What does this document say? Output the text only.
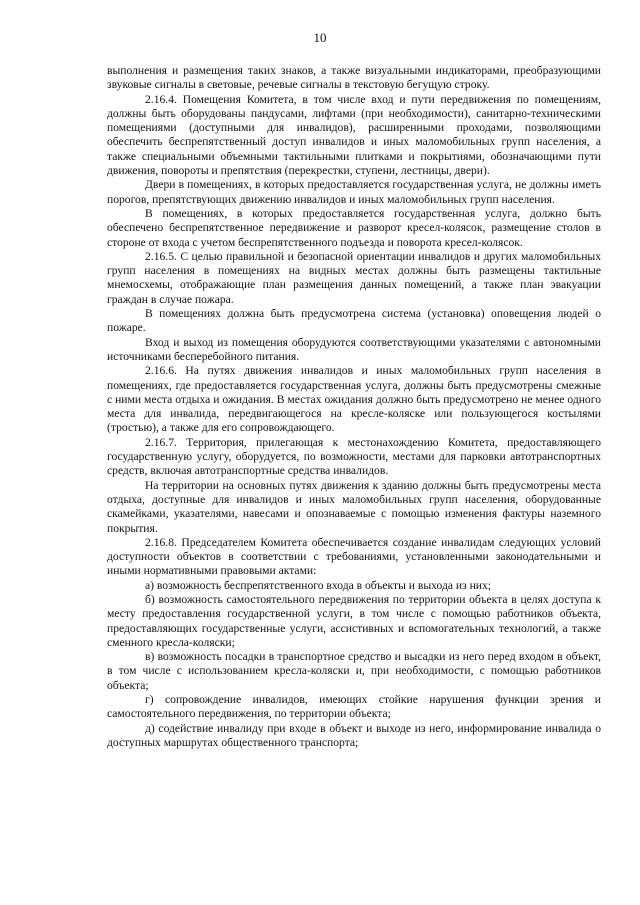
10

выполнения и размещения таких знаков, а также визуальными индикаторами, преобразующими звуковые сигналы в световые, речевые сигналы в текстовую бегущую строку.

2.16.4. Помещения Комитета, в том числе вход и пути передвижения по помещениям, должны быть оборудованы пандусами, лифтами (при необходимости), санитарно-техническими помещениями (доступными для инвалидов), расширенными проходами, позволяющими обеспечить беспрепятственный доступ инвалидов и иных маломобильных групп населения, а также специальными объемными тактильными плитками и покрытиями, обозначающими пути движения, повороты и препятствия (перекрестки, ступени, лестницы, двери).

Двери в помещениях, в которых предоставляется государственная услуга, не должны иметь порогов, препятствующих движению инвалидов и иных маломобильных групп населения.

В помещениях, в которых предоставляется государственная услуга, должно быть обеспечено беспрепятственное передвижение и разворот кресел-колясок, размещение столов в стороне от входа с учетом беспрепятственного подъезда и поворота кресел-колясок.

2.16.5. С целью правильной и безопасной ориентации инвалидов и других маломобильных групп населения в помещениях на видных местах должны быть размещены тактильные мнемосхемы, отображающие план размещения данных помещений, а также план эвакуации граждан в случае пожара.

В помещениях должна быть предусмотрена система (установка) оповещения людей о пожаре.

Вход и выход из помещения оборудуются соответствующими указателями с автономными источниками бесперебойного питания.

2.16.6. На путях движения инвалидов и иных маломобильных групп населения в помещениях, где предоставляется государственная услуга, должны быть предусмотрены смежные с ними места отдыха и ожидания. В местах ожидания должно быть предусмотрено не менее одного места для инвалида, передвигающегося на кресле-коляске или пользующегося костылями (тростью), а также для его сопровождающего.

2.16.7. Территория, прилегающая к местонахождению Комитета, предоставляющего государственную услугу, оборудуется, по возможности, местами для парковки автотранспортных средств, включая автотранспортные средства инвалидов.

На территории на основных путях движения к зданию должны быть предусмотрены места отдыха, доступные для инвалидов и иных маломобильных групп населения, оборудованные скамейками, указателями, навесами и опознаваемые с помощью изменения фактуры наземного покрытия.

2.16.8. Председателем Комитета обеспечивается создание инвалидам следующих условий доступности объектов в соответствии с требованиями, установленными законодательными и иными нормативными правовыми актами:

а) возможность беспрепятственного входа в объекты и выхода из них;

б) возможность самостоятельного передвижения по территории объекта в целях доступа к месту предоставления государственной услуги, в том числе с помощью работников объекта, предоставляющих государственные услуги, ассистивных и вспомогательных технологий, а также сменного кресла-коляски;

в) возможность посадки в транспортное средство и высадки из него перед входом в объект, в том числе с использованием кресла-коляски и, при необходимости, с помощью работников объекта;

г) сопровождение инвалидов, имеющих стойкие нарушения функции зрения и самостоятельного передвижения, по территории объекта;

д) содействие инвалиду при входе в объект и выходе из него, информирование инвалида о доступных маршрутах общественного транспорта;
